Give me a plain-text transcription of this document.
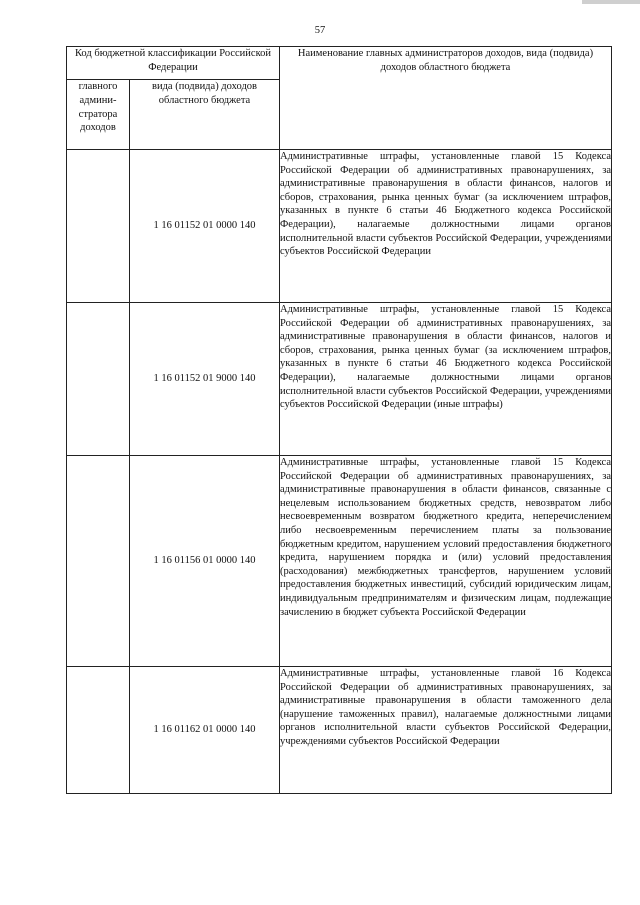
57
Код бюджетной классификации Российской Федерации		Наименование главных администраторов доходов, вида (подвида) доходов областного бюджета
главного админи-стратора доходов	вида (подвида) доходов областного бюджета	
	1 16 01152 01 0000 140	Административные штрафы, установленные главой 15 Кодекса Российской Федерации об административных правонарушениях, за административные правонарушения в области финансов, налогов и сборов, страхования, рынка ценных бумаг (за исключением штрафов, указанных в пункте 6 статьи 46 Бюджетного кодекса Российской Федерации), налагаемые должностными лицами органов исполнительной власти субъектов Российской Федерации, учреждениями субъектов Российской Федерации
	1 16 01152 01 9000 140	Административные штрафы, установленные главой 15 Кодекса Российской Федерации об административных правонарушениях, за административные правонарушения в области финансов, налогов и сборов, страхования, рынка ценных бумаг (за исключением штрафов, указанных в пункте 6 статьи 46 Бюджетного кодекса Российской Федерации), налагаемые должностными лицами органов исполнительной власти субъектов Российской Федерации, учреждениями субъектов Российской Федерации (иные штрафы)
	1 16 01156 01 0000 140	Административные штрафы, установленные главой 15 Кодекса Российской Федерации об административных правонарушениях, за административные правонарушения в области финансов, связанные с нецелевым использованием бюджетных средств, невозвратом либо несвоевременным возвратом бюджетного кредита, неперечислением либо несвоевременным перечислением платы за пользование бюджетным кредитом, нарушением условий предоставления бюджетного кредита, нарушением порядка и (или) условий предоставления (расходования) межбюджетных трансфертов, нарушением условий предоставления бюджетных инвестиций, субсидий юридическим лицам, индивидуальным предпринимателям и физическим лицам, подлежащие зачислению в бюджет субъекта Российской Федерации
	1 16 01162 01 0000 140	Административные штрафы, установленные главой 16 Кодекса Российской Федерации об административных правонарушениях, за административные правонарушения в области таможенного дела (нарушение таможенных правил), налагаемые должностными лицами органов исполнительной власти субъектов Российской Федерации, учреждениями субъектов Российской Федерации
